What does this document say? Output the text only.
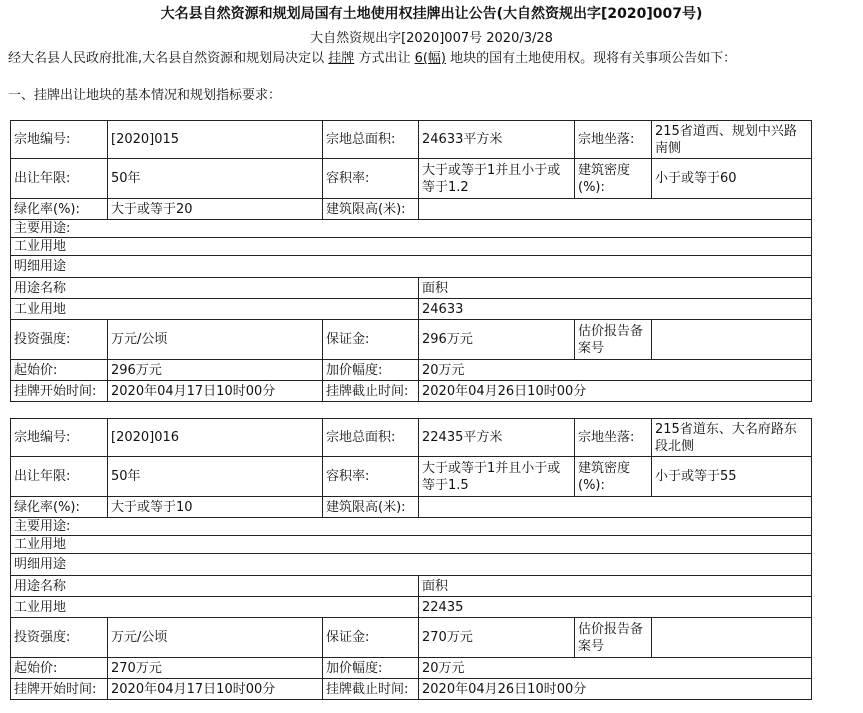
大名县自然资源和规划局国有土地使用权挂牌出让公告(大自然资规出字[2020]007号)
大自然资规出字[2020]007号 2020/3/28
经大名县人民政府批准,大名县自然资源和规划局决定以 挂牌 方式出让 6(幅) 地块的国有土地使用权。现将有关事项公告如下：
一、挂牌出让地块的基本情况和规划指标要求：
宗地编号:	[2020]015	宗地总面积:	24633平方米	宗地坐落:	215省道西、规划中兴路南侧
出让年限:	50年	容积率:	大于或等于1并且小于或等于1.2	建筑密度(%):	小于或等于60
绿化率(%):	大于或等于20	建筑限高(米):			
主要用途:					
工业用地					
明细用途					
用途名称			面积		
工业用地			24633		
投资强度:	万元/公顷	保证金:	296万元	估价报告备案号	
起始价:	296万元	加价幅度:	20万元		
挂牌开始时间:	2020年04月17日10时00分	挂牌截止时间:	2020年04月26日10时00分		
宗地编号:	[2020]016	宗地总面积:	22435平方米	宗地坐落:	215省道东、大名府路东段北侧
出让年限:	50年	容积率:	大于或等于1并且小于或等于1.5	建筑密度(%):	小于或等于55
绿化率(%):	大于或等于10	建筑限高(米):			
主要用途:					
工业用地					
明细用途					
用途名称			面积		
工业用地			22435		
投资强度:	万元/公顷	保证金:	270万元	估价报告备案号	
起始价:	270万元	加价幅度:	20万元		
挂牌开始时间:	2020年04月17日10时00分	挂牌截止时间:	2020年04月26日10时00分		
